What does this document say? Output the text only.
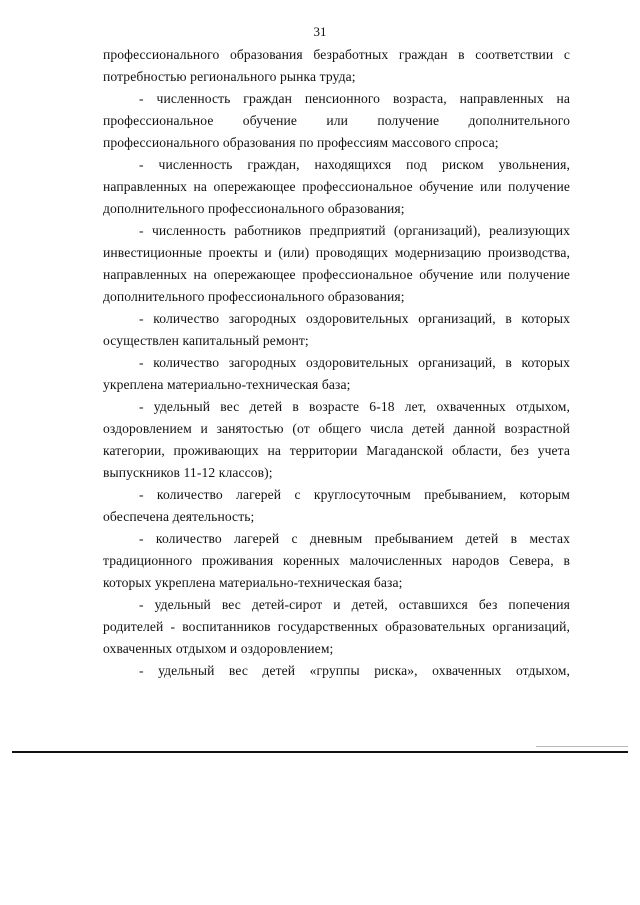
31

профессионального образования безработных граждан в соответствии с потребностью регионального рынка труда;

- численность граждан пенсионного возраста, направленных на профессиональное обучение или получение дополнительного профессионального образования по профессиям массового спроса;

- численность граждан, находящихся под риском увольнения, направленных на опережающее профессиональное обучение или получение дополнительного профессионального образования;

- численность работников предприятий (организаций), реализующих инвестиционные проекты и (или) проводящих модернизацию производства, направленных на опережающее профессиональное обучение или получение дополнительного профессионального образования;

- количество загородных оздоровительных организаций, в которых осуществлен капитальный ремонт;

- количество загородных оздоровительных организаций, в которых укреплена материально-техническая база;

- удельный вес детей в возрасте 6-18 лет, охваченных отдыхом, оздоровлением и занятостью (от общего числа детей данной возрастной категории, проживающих на территории Магаданской области, без учета выпускников 11-12 классов);

- количество лагерей с круглосуточным пребыванием, которым обеспечена деятельность;

- количество лагерей с дневным пребыванием детей в местах традиционного проживания коренных малочисленных народов Севера, в которых укреплена материально-техническая база;

- удельный вес детей-сирот и детей, оставшихся без попечения родителей - воспитанников государственных образовательных организаций, охваченных отдыхом и оздоровлением;

- удельный вес детей «группы риска», охваченных отдыхом,
